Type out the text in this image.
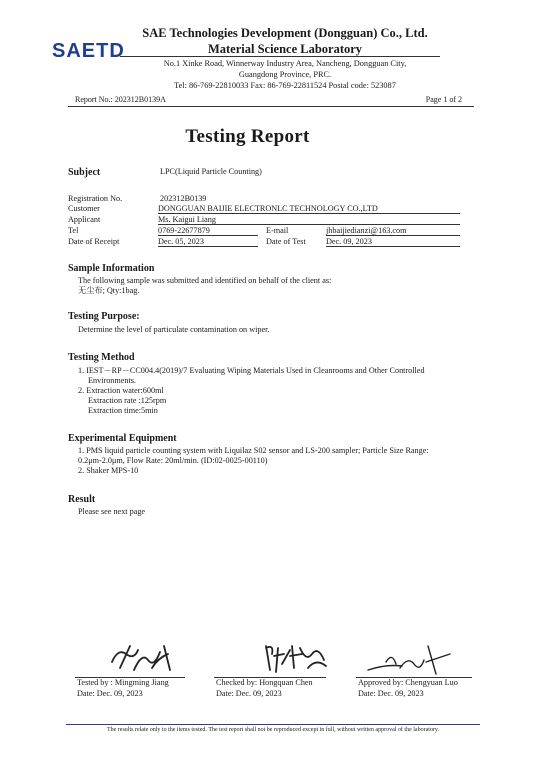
SAETD
SAE Technologies Development (Dongguan) Co., Ltd.
Material Science Laboratory
No.1 Xinke Road, Winnerway Industry Area, Nancheng, Dongguan City,
Guangdong Province, PRC.
Tel: 86-769-22810033 Fax: 86-769-22811524 Postal code: 523087
Report No.: 202312B0139A	Page 1 of 2
Testing Report
Subject	LPC(Liquid Particle Counting)
Registration No.	202312B0139
Customer	DONGGUAN BAIJIE ELECTRONLC TECHNOLOGY CO.,LTD
Applicant	Ms. Kaigui Liang
Tel	0769-22677879	E-mail	jhbaijiedianzi@163.com
Date of Receipt	Dec. 05, 2023	Date of Test Dec. 09, 2023
Sample Information
The following sample was submitted and identified on behalf of the client as:
无尘布; Qty:1bag.
Testing Purpose:
Determine the level of particulate contamination on wiper.
Testing Method
1. IEST－RP－CC004.4(2019)/7 Evaluating Wiping Materials Used in Cleanrooms and Other Controlled
Environments.
2. Extraction water:600ml
Extraction rate :125rpm
Extraction time:5min
Experimental Equipment
1. PMS liquid particle counting system with Liquilaz S02 sensor and LS-200 sampler; Particle Size Range:
0.2μm-2.0μm, Flow Rate: 20ml/min. (ID:02-0025-00110)
2. Shaker MPS-10
Result
Please see next page
Tested by : Mingming Jiang
Date: Dec. 09, 2023
Checked by: Hongquan Chen
Date: Dec. 09, 2023
Approved by: Chengyuan Luo
Date: Dec. 09, 2023
The results relate only to the items tested. The test report shall not be reproduced except in full, without written approval of the laboratory.
